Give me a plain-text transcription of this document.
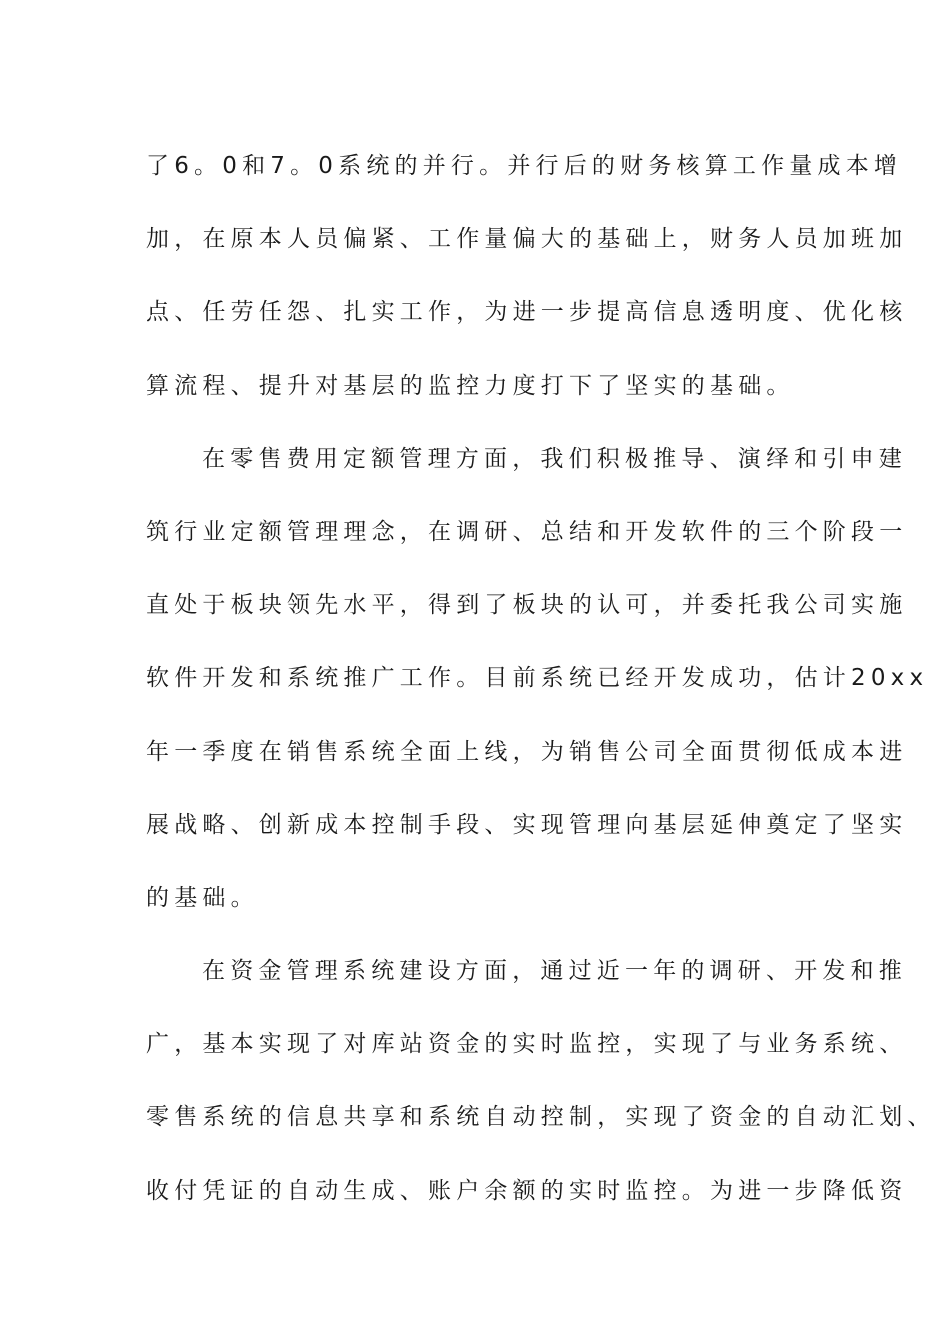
了6。0和7。0系统的并行。并行后的财务核算工作量成本增
加，在原本人员偏紧、工作量偏大的基础上，财务人员加班加
点、任劳任怨、扎实工作，为进一步提高信息透明度、优化核
算流程、提升对基层的监控力度打下了坚实的基础。
在零售费用定额管理方面，我们积极推导、演绎和引申建
筑行业定额管理理念，在调研、总结和开发软件的三个阶段一
直处于板块领先水平，得到了板块的认可，并委托我公司实施
软件开发和系统推广工作。目前系统已经开发成功，估计20xx
年一季度在销售系统全面上线，为销售公司全面贯彻低成本进
展战略、创新成本控制手段、实现管理向基层延伸奠定了坚实
的基础。
在资金管理系统建设方面，通过近一年的调研、开发和推
广，基本实现了对库站资金的实时监控，实现了与业务系统、
零售系统的信息共享和系统自动控制，实现了资金的自动汇划、
收付凭证的自动生成、账户余额的实时监控。为进一步降低资
